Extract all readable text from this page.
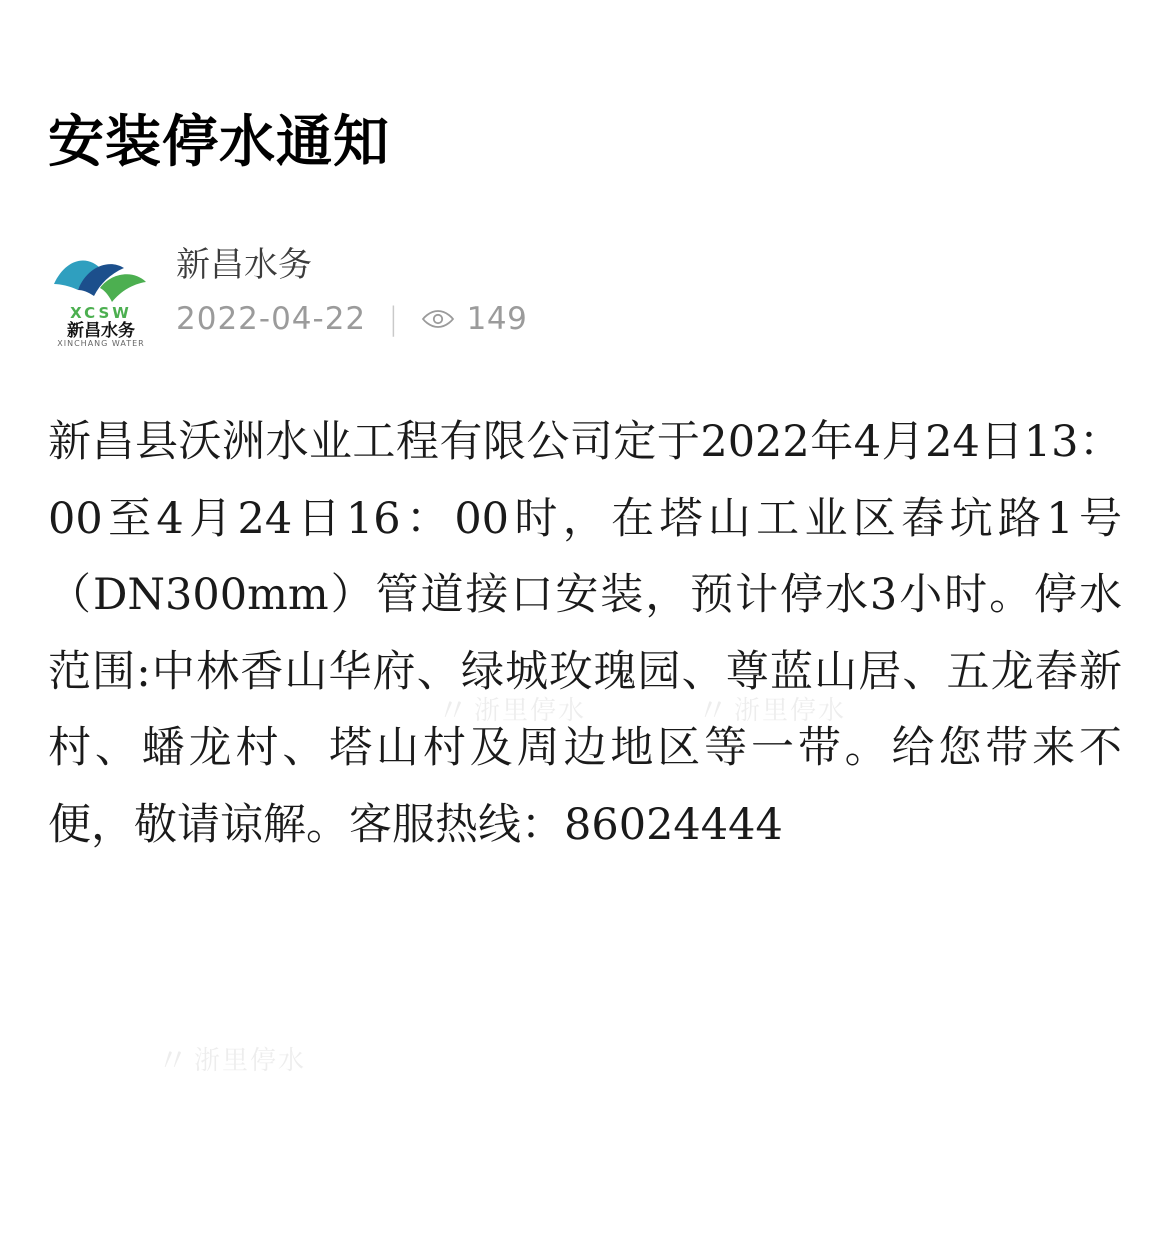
安装停水通知
XCSW
新昌水务
XINCHANG WATER
新昌水务
2022-04-22 | 149
新昌县沃洲水业工程有限公司定于2022年4月24日13：00至4月24日16：00时，在塔山工业区舂坑路1号（DN300mm）管道接口安装，预计停水3小时。停水范围:中林香山华府、绿城玫瑰园、尊蓝山居、五龙舂新村、蟠龙村、塔山村及周边地区等一带。给您带来不便，敬请谅解。客服热线：86024444
〃浙里停水	〃浙里停水
〃浙里停水
